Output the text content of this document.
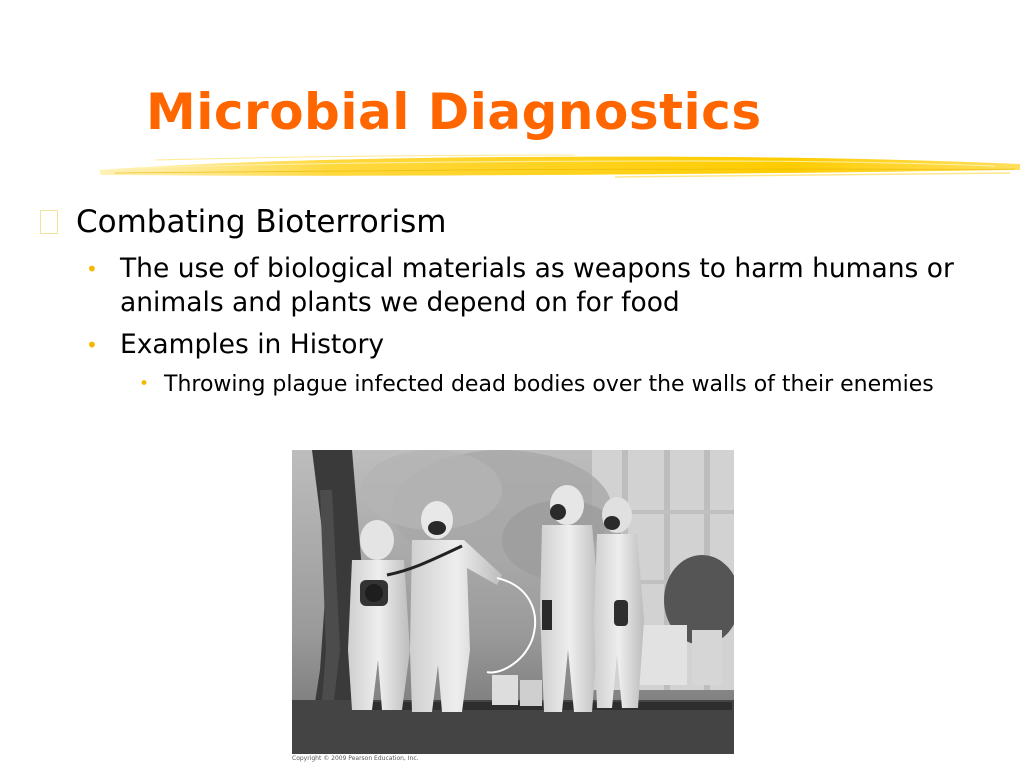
Microbial Diagnostics
Combating Bioterrorism
• The use of biological materials as weapons to harm humans or animals and plants we depend on for food
• Examples in History
• Throwing plague infected dead bodies over the walls of their enemies
Copyright © 2009 Pearson Education, Inc.
